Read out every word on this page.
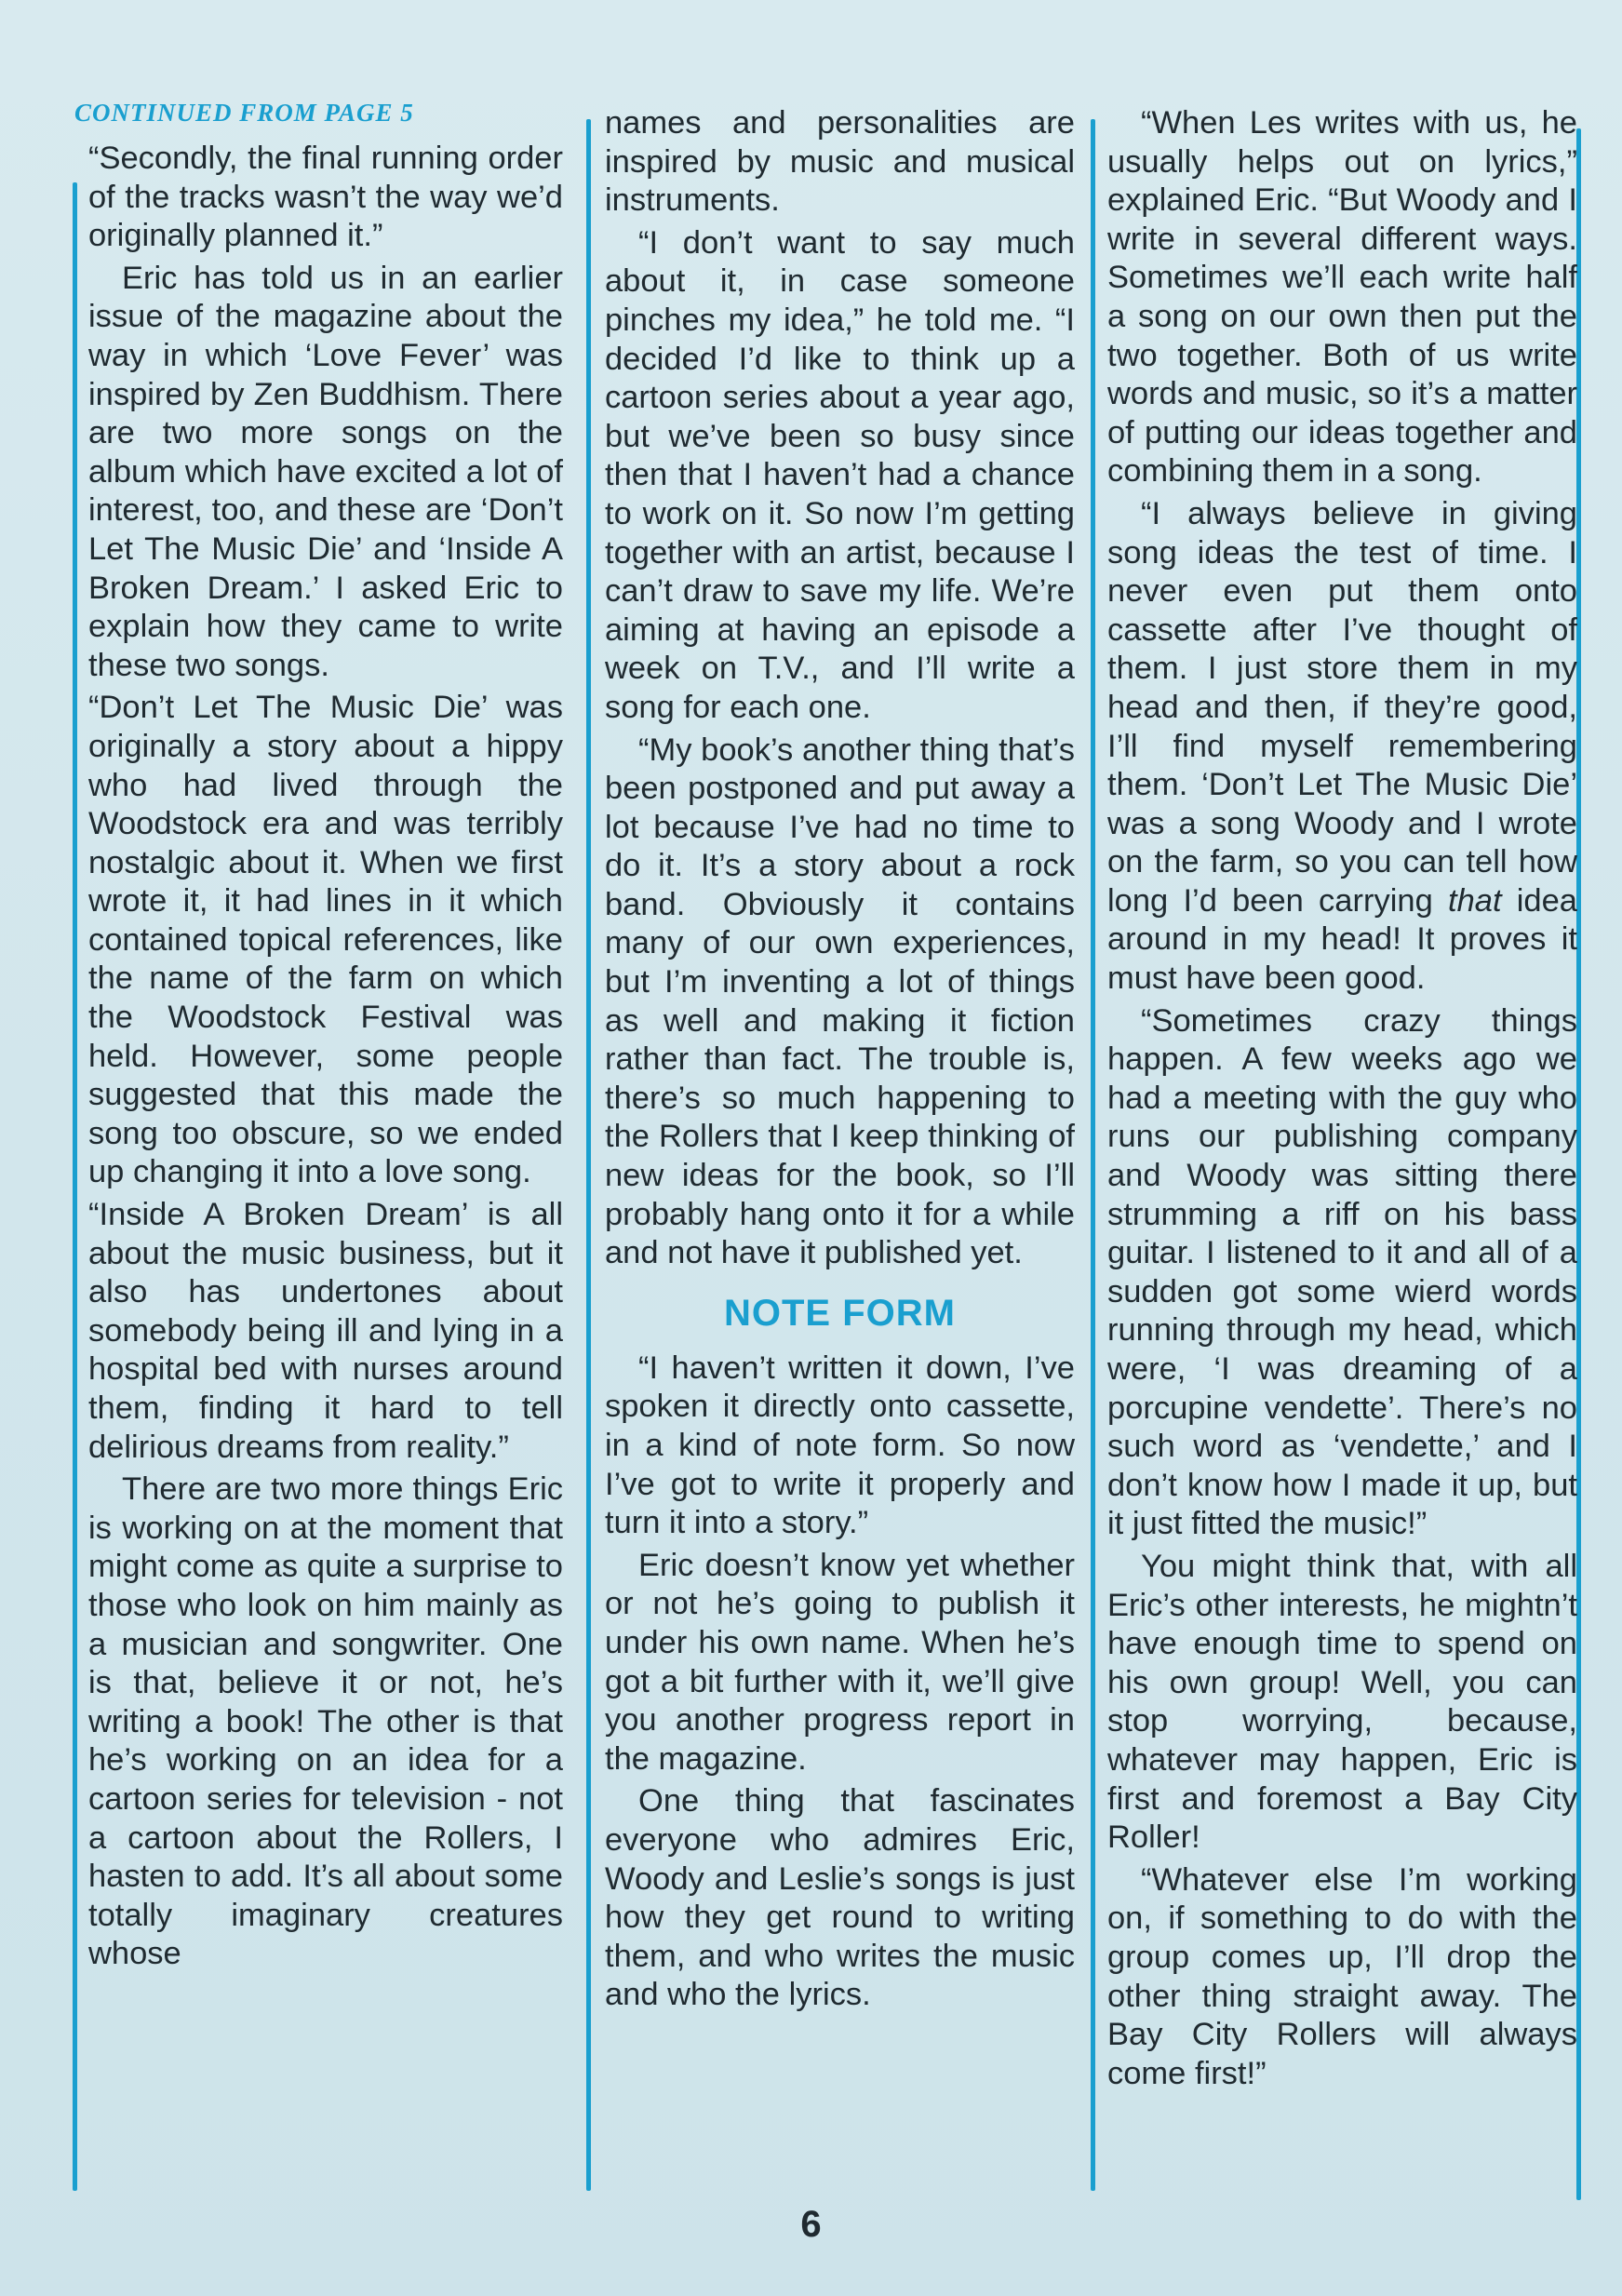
CONTINUED FROM PAGE 5

“Secondly, the final running order of the tracks wasn’t the way we’d originally planned it.”

Eric has told us in an earlier issue of the magazine about the way in which ‘Love Fever’ was inspired by Zen Buddhism. There are two more songs on the album which have excited a lot of interest, too, and these are ‘Don’t Let The Music Die’ and ‘Inside A Broken Dream.’ I asked Eric to explain how they came to write these two songs.

“Don’t Let The Music Die’ was originally a story about a hippy who had lived through the Woodstock era and was terribly nostalgic about it. When we first wrote it, it had lines in it which contained topical references, like the name of the farm on which the Woodstock Festival was held. However, some people suggested that this made the song too obscure, so we ended up changing it into a love song.

“Inside A Broken Dream’ is all about the music business, but it also has undertones about somebody being ill and lying in a hospital bed with nurses around them, finding it hard to tell delirious dreams from reality.”

There are two more things Eric is working on at the moment that might come as quite a surprise to those who look on him mainly as a musician and songwriter. One is that, believe it or not, he’s writing a book! The other is that he’s working on an idea for a cartoon series for television - not a cartoon about the Rollers, I hasten to add. It’s all about some totally imaginary creatures whose

names and personalities are inspired by music and musical instruments.

“I don’t want to say much about it, in case someone pinches my idea,” he told me. “I decided I’d like to think up a cartoon series about a year ago, but we’ve been so busy since then that I haven’t had a chance to work on it. So now I’m getting together with an artist, because I can’t draw to save my life. We’re aiming at having an episode a week on T.V., and I’ll write a song for each one.

“My book’s another thing that’s been postponed and put away a lot because I’ve had no time to do it. It’s a story about a rock band. Obviously it contains many of our own experiences, but I’m inventing a lot of things as well and making it fiction rather than fact. The trouble is, there’s so much happening to the Rollers that I keep thinking of new ideas for the book, so I’ll probably hang onto it for a while and not have it published yet.

NOTE FORM

“I haven’t written it down, I’ve spoken it directly onto cassette, in a kind of note form. So now I’ve got to write it properly and turn it into a story.”

Eric doesn’t know yet whether or not he’s going to publish it under his own name. When he’s got a bit further with it, we’ll give you another progress report in the magazine.

One thing that fascinates everyone who admires Eric, Woody and Leslie’s songs is just how they get round to writing them, and who writes the music and who the lyrics.

“When Les writes with us, he usually helps out on lyrics,” explained Eric. “But Woody and I write in several different ways. Sometimes we’ll each write half a song on our own then put the two together. Both of us write words and music, so it’s a matter of putting our ideas together and combining them in a song.

“I always believe in giving song ideas the test of time. I never even put them onto cassette after I’ve thought of them. I just store them in my head and then, if they’re good, I’ll find myself remembering them. ‘Don’t Let The Music Die’ was a song Woody and I wrote on the farm, so you can tell how long I’d been carrying that idea around in my head! It proves it must have been good.

“Sometimes crazy things happen. A few weeks ago we had a meeting with the guy who runs our publishing company and Woody was sitting there strumming a riff on his bass guitar. I listened to it and all of a sudden got some wierd words running through my head, which were, ‘I was dreaming of a porcupine vendette’. There’s no such word as ‘vendette,’ and I don’t know how I made it up, but it just fitted the music!”

You might think that, with all Eric’s other interests, he mightn’t have enough time to spend on his own group! Well, you can stop worrying, because, whatever may happen, Eric is first and foremost a Bay City Roller!

“Whatever else I’m working on, if something to do with the group comes up, I’ll drop the other thing straight away. The Bay City Rollers will always come first!”

6
